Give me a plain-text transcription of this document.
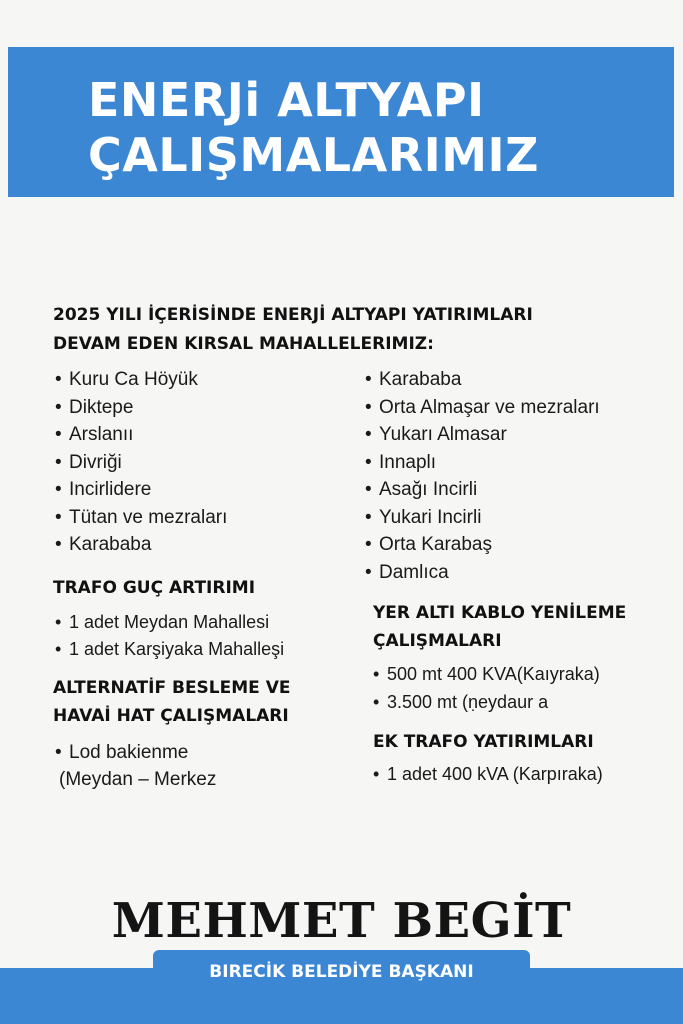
ENERJi ALTYAPI
ÇALIŞMALARIMIZ
2025 YILI İÇERİSİNDE ENERJİ ALTYAPI YATIRIMLARI
DEVAM EDEN KIRSAL MAHALLELERIMIZ:
• Kuru Ca Höyük
• Diktepe
• Arslanıı
• Divriği
• Incirlidere
• Tütan ve mezraları
• Karababa
TRAFO GUÇ ARTIRIMI
• 1 adet Meydan Mahallesi
• 1 adet Karşiyaka Mahalleşi
ALTERNATİF BESLEME VE
HAVAİ HAT ÇALIŞMALARI
• Lod bakienme
(Meydan – Merkez
• Karababa
• Orta Almaşar ve mezraları
• Yukarı Almasar
• Innaplı
• Asağı Incirli
• Yukari Incirli
• Orta Karabaş
• Damlıca
YER ALTI KABLO YENİLEME
ÇALIŞMALARI
• 500 mt 400 KVA(Kaıyraka)
• 3.500 mt (ṇeydaur a
EK TRAFO YATIRIMLARI
• 1 adet 400 kVA (Karpıraka)
MEHMET BEGİT
BIRECİK BELEDİYE BAŞKANI
